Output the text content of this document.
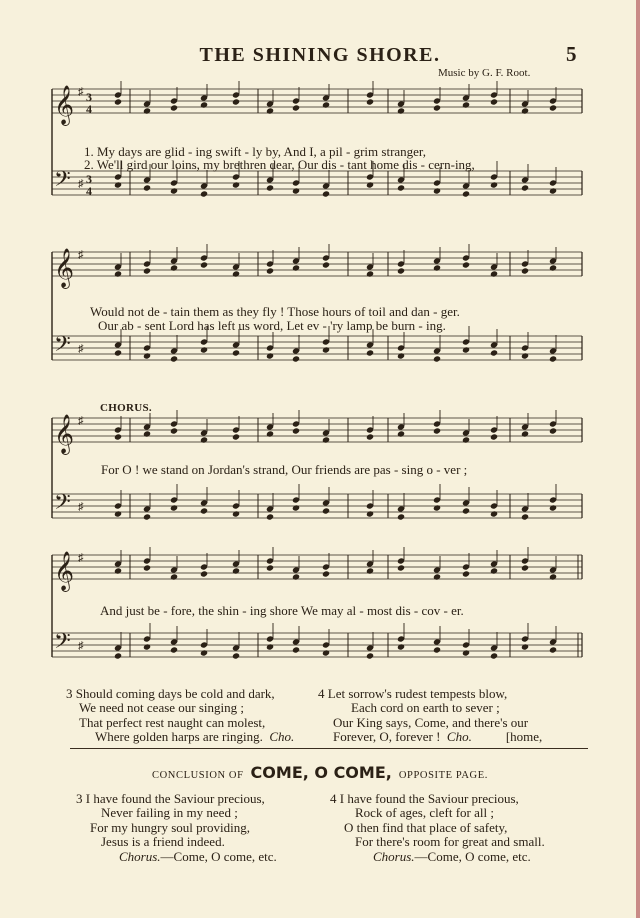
THE SHINING SHORE.	5
Music by G. F. Root.
𝄞 ♯ 3
4
𝄢 ♯ 3
4
𝄞 ♯
𝄢 ♯
𝄞 ♯
𝄢 ♯
𝄞 ♯
𝄢 ♯
1. My days are glid - ing swift - ly by, And I, a pil - grim stranger,
2. We'll gird our loins, my brethren dear, Our dis - tant home dis - cern-ing,
Would not de - tain them as they fly ! Those hours of toil and dan - ger.
Our ab - sent Lord has left us word, Let ev - 'ry lamp be burn - ing.
CHORUS.
For O ! we stand on Jordan's strand, Our friends are pas - sing o - ver ;
And just be - fore, the shin - ing shore We may al - most dis - cov - er.
3 Should coming days be cold and dark,
We need not cease our singing ;
That perfect rest naught can molest,
Where golden harps are ringing. Cho.
4 Let sorrow's rudest tempests blow,
Each cord on earth to sever ;
Our King says, Come, and there's our
Forever, O, forever ! Cho.	[home,
CONCLUSION OF COME, O COME, OPPOSITE PAGE.
3 I have found the Saviour precious,
Never failing in my need ;
For my hungry soul providing,
Jesus is a friend indeed.
Chorus.—Come, O come, etc.
4 I have found the Saviour precious,
Rock of ages, cleft for all ;
O then find that place of safety,
For there's room for great and small.
Chorus.—Come, O come, etc.
